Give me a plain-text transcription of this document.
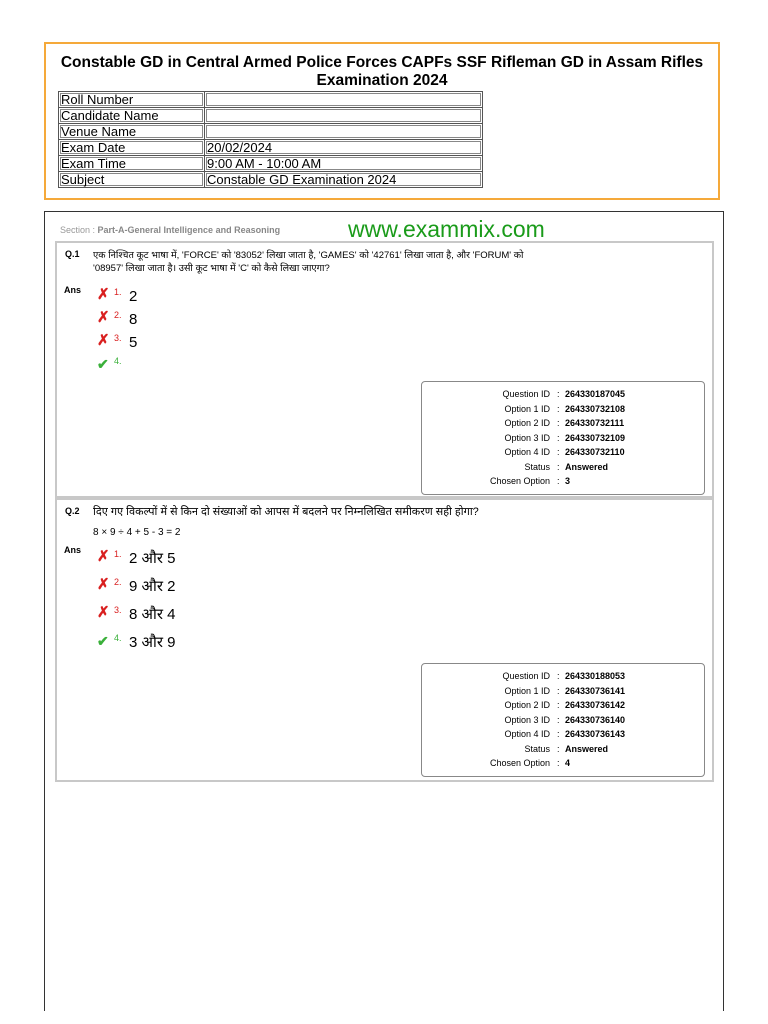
Constable GD in Central Armed Police Forces CAPFs SSF Rifleman GD in Assam Rifles Examination 2024
Roll Number	
Candidate Name	
Venue Name	
Exam Date	20/02/2024
Exam Time	9:00 AM - 10:00 AM
Subject	Constable GD Examination 2024
Section : Part-A-General Intelligence and Reasoning	www.exammix.com
Q.1 एक निश्चित कूट भाषा में, 'FORCE' को '83052' लिखा जाता है, 'GAMES' को '42761' लिखा जाता है, और 'FORUM' को
'08957' लिखा जाता है। उसी कूट भाषा में 'C' को कैसे लिखा जाएगा?
Ans ✗ 1. 2
✗ 2. 8
✗ 3. 5
✔ 4.
Question ID : 264330187045
Option 1 ID : 264330732108
Option 2 ID : 264330732111
Option 3 ID : 264330732109
Option 4 ID : 264330732110
Status : Answered
Chosen Option : 3
Q.2 दिए गए विकल्पों में से किन दो संख्याओं को आपस में बदलने पर निम्नलिखित समीकरण सही होगा?
8 × 9 ÷ 4 + 5 - 3 = 2
Ans ✗ 1. 2 और 5
✗ 2. 9 और 2
✗ 3. 8 और 4
✔ 4. 3 और 9
Question ID : 264330188053
Option 1 ID : 264330736141
Option 2 ID : 264330736142
Option 3 ID : 264330736140
Option 4 ID : 264330736143
Status : Answered
Chosen Option : 4
